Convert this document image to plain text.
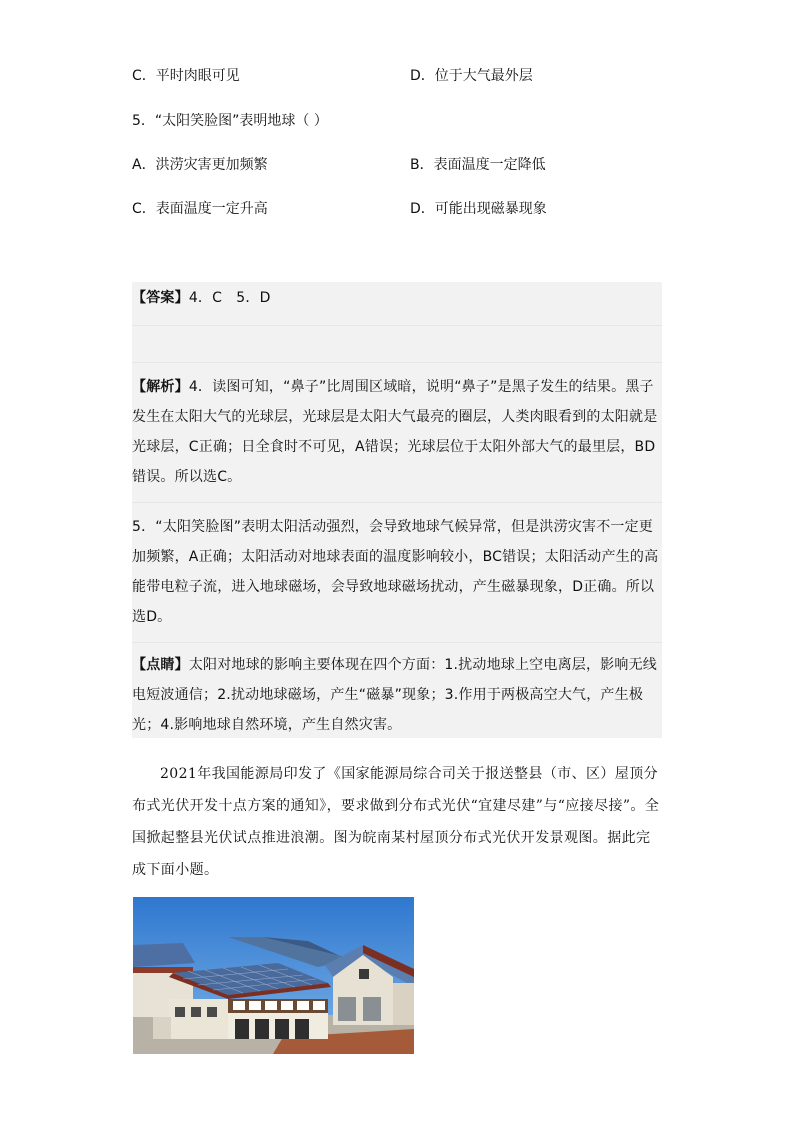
C．平时肉眼可见	D．位于大气最外层
5．“太阳笑脸图”表明地球（ ）
A．洪涝灾害更加频繁	B．表面温度一定降低
C．表面温度一定升高	D．可能出现磁暴现象
【答案】4．C　5．D
【解析】4．读图可知，“鼻子”比周围区域暗，说明“鼻子”是黑子发生的结果。黑子发生在太阳大气的光球层，光球层是太阳大气最亮的圈层，人类肉眼看到的太阳就是光球层，C正确；日全食时不可见，A错误；光球层位于太阳外部大气的最里层，BD错误。所以选C。
5．“太阳笑脸图”表明太阳活动强烈，会导致地球气候异常，但是洪涝灾害不一定更加频繁，A正确；太阳活动对地球表面的温度影响较小，BC错误；太阳活动产生的高能带电粒子流，进入地球磁场，会导致地球磁场扰动，产生磁暴现象，D正确。所以选D。
【点睛】太阳对地球的影响主要体现在四个方面：1.扰动地球上空电离层，影响无线电短波通信；2.扰动地球磁场，产生“磁暴”现象；3.作用于两极高空大气，产生极光；4.影响地球自然环境，产生自然灾害。
2021年我国能源局印发了《国家能源局综合司关于报送整县（市、区）屋顶分布式光伏开发十点方案的通知》，要求做到分布式光伏“宜建尽建”与“应接尽接”。全国掀起整县光伏试点推进浪潮。图为皖南某村屋顶分布式光伏开发景观图。据此完成下面小题。
